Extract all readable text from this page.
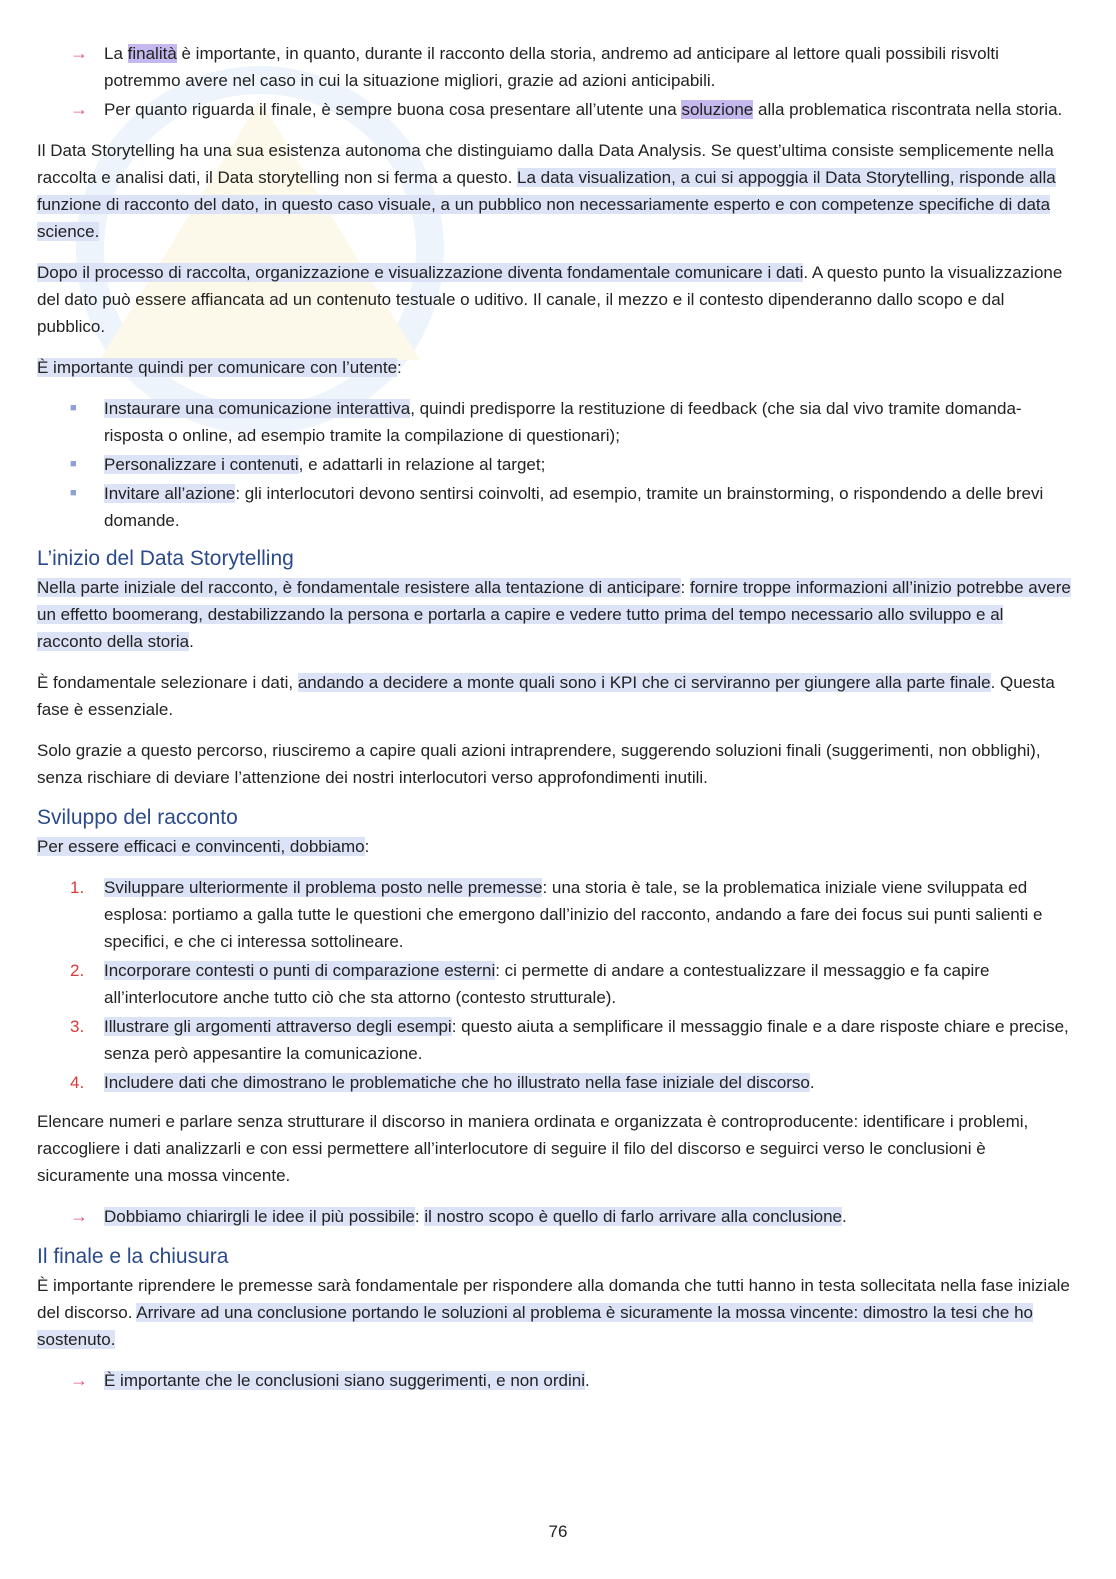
→ La finalità è importante, in quanto, durante il racconto della storia, andremo ad anticipare al lettore quali possibili risvolti potremmo avere nel caso in cui la situazione migliori, grazie ad azioni anticipabili.
→ Per quanto riguarda il finale, è sempre buona cosa presentare all’utente una soluzione alla problematica riscontrata nella storia.

Il Data Storytelling ha una sua esistenza autonoma che distinguiamo dalla Data Analysis. Se quest’ultima consiste semplicemente nella raccolta e analisi dati, il Data storytelling non si ferma a questo. La data visualization, a cui si appoggia il Data Storytelling, risponde alla funzione di racconto del dato, in questo caso visuale, a un pubblico non necessariamente esperto e con competenze specifiche di data science.

Dopo il processo di raccolta, organizzazione e visualizzazione diventa fondamentale comunicare i dati. A questo punto la visualizzazione del dato può essere affiancata ad un contenuto testuale o uditivo. Il canale, il mezzo e il contesto dipenderanno dallo scopo e dal pubblico.

È importante quindi per comunicare con l’utente:

■ Instaurare una comunicazione interattiva, quindi predisporre la restituzione di feedback (che sia dal vivo tramite domanda-risposta o online, ad esempio tramite la compilazione di questionari);
■ Personalizzare i contenuti, e adattarli in relazione al target;
■ Invitare all’azione: gli interlocutori devono sentirsi coinvolti, ad esempio, tramite un brainstorming, o rispondendo a delle brevi domande.
L’inizio del Data Storytelling

Nella parte iniziale del racconto, è fondamentale resistere alla tentazione di anticipare: fornire troppe informazioni all’inizio potrebbe avere un effetto boomerang, destabilizzando la persona e portarla a capire e vedere tutto prima del tempo necessario allo sviluppo e al racconto della storia.

È fondamentale selezionare i dati, andando a decidere a monte quali sono i KPI che ci serviranno per giungere alla parte finale. Questa fase è essenziale.

Solo grazie a questo percorso, riusciremo a capire quali azioni intraprendere, suggerendo soluzioni finali (suggerimenti, non obblighi), senza rischiare di deviare l’attenzione dei nostri interlocutori verso approfondimenti inutili.

Sviluppo del racconto

Per essere efficaci e convincenti, dobbiamo:

1. Sviluppare ulteriormente il problema posto nelle premesse: una storia è tale, se la problematica iniziale viene sviluppata ed esplosa: portiamo a galla tutte le questioni che emergono dall’inizio del racconto, andando a fare dei focus sui punti salienti e specifici, e che ci interessa sottolineare.
2. Incorporare contesti o punti di comparazione esterni: ci permette di andare a contestualizzare il messaggio e fa capire all’interlocutore anche tutto ciò che sta attorno (contesto strutturale).
3. Illustrare gli argomenti attraverso degli esempi: questo aiuta a semplificare il messaggio finale e a dare risposte chiare e precise, senza però appesantire la comunicazione.
4. Includere dati che dimostrano le problematiche che ho illustrato nella fase iniziale del discorso.

Elencare numeri e parlare senza strutturare il discorso in maniera ordinata e organizzata è controproducente: identificare i problemi, raccogliere i dati analizzarli e con essi permettere all’interlocutore di seguire il filo del discorso e seguirci verso le conclusioni è sicuramente una mossa vincente.

→ Dobbiamo chiarirgli le idee il più possibile: il nostro scopo è quello di farlo arrivare alla conclusione.
Il finale e la chiusura

È importante riprendere le premesse sarà fondamentale per rispondere alla domanda che tutti hanno in testa sollecitata nella fase iniziale del discorso. Arrivare ad una conclusione portando le soluzioni al problema è sicuramente la mossa vincente: dimostro la tesi che ho sostenuto.

→ È importante che le conclusioni siano suggerimenti, e non ordini.
76
